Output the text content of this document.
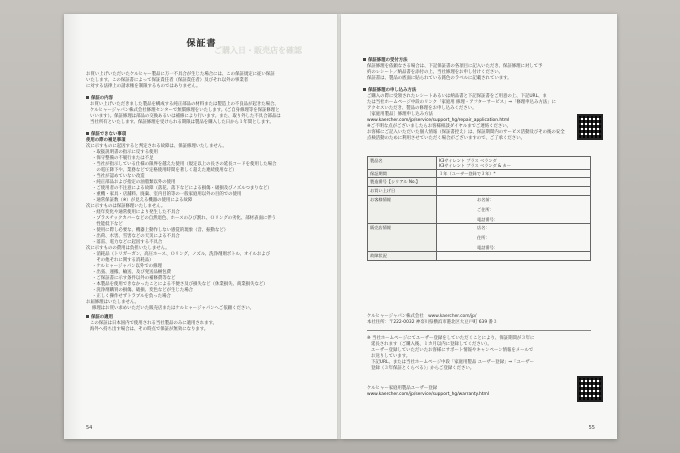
ご購入日・販売店を確認
保証書
お買い上げいただいたケルヒャー製品に万一不具合が生じた場合には、この保証規定に従い保証
いたします。この保証書によって保証責任者（保証責任者）及びそれ以外の事業者
に対する法律上の請求権を制限するものではありません。
保証の内容
お買い上げいただきました製品を構成する純正部品の材料または製造上の不良品が起きた場合、
ケルヒャージャパン株式会社修理センターで無償修理をいたします。(ご自身修理等を保証修理と
いいます）。保証修理は部品の交換あるいは補修により行います。また、取り外した不具合部品は
当社所有といたします。保証修理を受けられる期限は製品を購入した日から１年間とします。
保証できない事項
使用の際の補足事項
次に示すものに起因すると判定される故障は、保証修理いたしません。
・取扱説明書の指示に反する使用
・保守整備の不履行または不足
・当社が指示している仕様の限界を越えた使用（規定以上の長さの延長コードを使用した場合
　の電圧降下や、業務などで定格使用時間を著しく超えた連続使用など）
・当社が認めていない改造
・純正部品および指定の油脂類以外の使用
・ご使用者の不注意による故障（落花、落下などによる損傷・破損及びノズルつまりなど）
・重機・家具・店舗料、廃棄、室内目的等の一般家庭用以外の目的での使用
・通常保証数（※）が見える機器の使用による故障
次に示すものは保証修理いたしません。
・経年変化や通常使用により発生した不具合
・プラスチックカバーなどの自然退色、ホースのひび割れ、Ｏリングの劣化、部材表面に伴う
　性能低下など
・使用に際し必要な、機器上動作しない感覚的現象（音、振動など）
・出荷、水害、雪害などの天災による不具合
・落雷、電力などに起因する不具合
次に示すものの費用は負担いたしません。
・消耗品（トリガーガン、高圧ホース、Ｏリング、ノズル、洗浄剤剤ボトル、オイルおよび
　その他それに関する消耗品）
・ケルヒャージャパン以外での修理
・出張、運搬、輸送、及び発送品梱包費
・ご保証書に示す条件以外の補修費等など
・本製品を使用できなかったことによる不便さ及び損失など（休業損失、商業損失など）
・洗浄剤購買の損傷、破損、変色などが生じた場合
・正しく操作せずトラブルを負った場合
お届修理はいたしません。
修理はお買い求めいただいた販売店またはケルヒャージャパンへご依頼ください。
保証の適用
この保証は日本国内で使用される当社製品のみに適用されます。
海外へ持ち出す場合は、その時点で保証が無効になります。
54
保証修理の受付方法
保証修理を依頼なさる場合は、下記保証書の各項目に記入いただき、保証修理に対して予
約のレシート／納品書を添付の上、当社修理をお申し付けください。
保証書は、製品の底面に貼られている銘色のラベルに記載されています。
保証修理の申し込み方法
ご購入の際に受領されたレシートあるいは納品書と下記保証書をご用意の上、下記URL、ま
たは当社ホームページ中段のリンク「家庭用 修理・アフターサービス」⇒「修理申込み方法」に
アクセスいただき、製品の修理をお申し込みください。
［家庭用製品］修理申し込み方法
www.kaercher.com/jp/service/support_hg/repair_application.html
※ご不明な点がございましたらお客様相談ダイヤルまでご連絡ください。
お客様にご記入いただいた個人情報（保証書控え）は、保証期間内のサービス活動及びその後の安全
点検活動のために利用させていただく場合がございますので、ご了承ください。
製品名	K3サイレント プラス ベランダ
K3サイレント プラス ベランダ & カー
保証期間	１年（ユーザー登録で３年）*
製造番号【シリアル No.】	
お買い上げ日	
お客様情報	お名前：

ご住所：

電話番号：
販売店情報	店名：

住所：

電話番号：
故障状況	
ケルヒャージャパン株式会社　www.kaercher.com/jp/
本社住所：〒222-0032 神奈川県横浜市港北区大豆戸町 639 番３
※ 当社ホームページにてユーザー登録をしていただくことにより、保証期間が３年に
延長されます（ご購入後、１カ月以内に登録してください）。
ユーザー登録していただいたお客様にサポート情報やキャンペーン情報をメールで
お送りしています。
下記URL、または当社ホームページ中段「家庭用製品 ユーザー登録」⇒「ユーザー
登録（３年保証とくらべる）」からご登録ください。
ケルヒャー家庭用製品ユーザー登録
www.kaercher.com/jp/service/support_hg/warranty.html
55
